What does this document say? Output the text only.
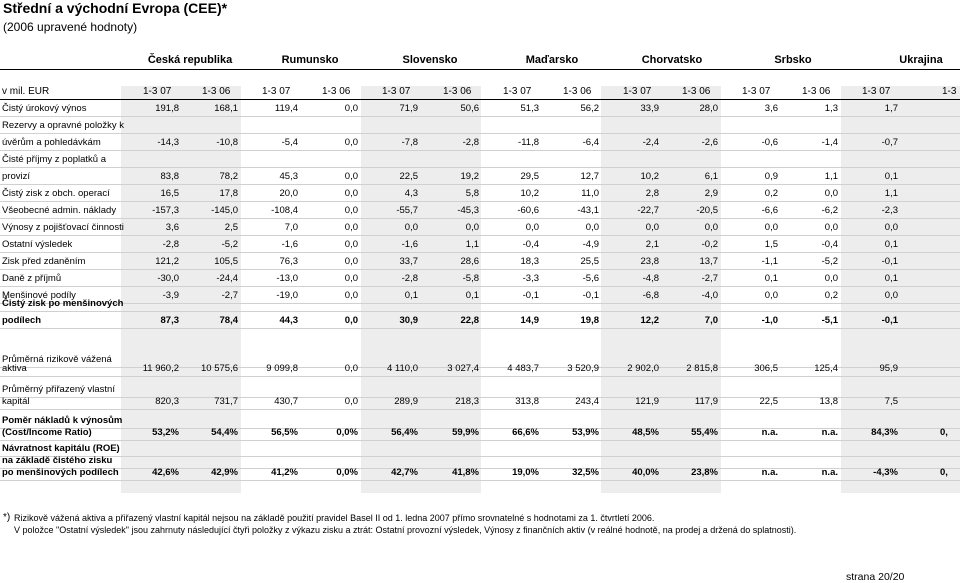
Střední a východní Evropa (CEE)*
(2006 upravené hodnoty)
Česká republika	Rumunsko	Slovensko	Maďarsko	Chorvatsko	Srbsko	Ukrajina
v mil. EUR	1-3 07	1-3 06	1-3 07	1-3 06	1-3 07	1-3 06	1-3 07	1-3 06	1-3 07	1-3 06	1-3 07	1-3 06	1-3 07	1-3
Čistý úrokový výnos	191,8	168,1	119,4	0,0	71,9	50,6	51,3	56,2	33,9	28,0	3,6	1,3	1,7
Rezervy a opravné položky k
úvěrům a pohledávkám	-14,3	-10,8	-5,4	0,0	-7,8	-2,8	-11,8	-6,4	-2,4	-2,6	-0,6	-1,4	-0,7
Čisté příjmy z poplatků a
provizí	83,8	78,2	45,3	0,0	22,5	19,2	29,5	12,7	10,2	6,1	0,9	1,1	0,1
Čistý zisk z obch. operací	16,5	17,8	20,0	0,0	4,3	5,8	10,2	11,0	2,8	2,9	0,2	0,0	1,1
Všeobecné admin. náklady	-157,3	-145,0	-108,4	0,0	-55,7	-45,3	-60,6	-43,1	-22,7	-20,5	-6,6	-6,2	-2,3
Výnosy z pojišťovací činnosti	3,6	2,5	7,0	0,0	0,0	0,0	0,0	0,0	0,0	0,0	0,0	0,0	0,0
Ostatní výsledek	-2,8	-5,2	-1,6	0,0	-1,6	1,1	-0,4	-4,9	2,1	-0,2	1,5	-0,4	0,1
Zisk před zdaněním	121,2	105,5	76,3	0,0	33,7	28,6	18,3	25,5	23,8	13,7	-1,1	-5,2	-0,1
Daně z příjmů	-30,0	-24,4	-13,0	0,0	-2,8	-5,8	-3,3	-5,6	-4,8	-2,7	0,1	0,0	0,1
Menšinové podíly	-3,9	-2,7	-19,0	0,0	0,1	0,1	-0,1	-0,1	-6,8	-4,0	0,0	0,2	0,0
Čistý zisk po menšinových
podílech	87,3	78,4	44,3	0,0	30,9	22,8	14,9	19,8	12,2	7,0	-1,0	-5,1	-0,1
Průměrná rizikově vážená
aktiva	11 960,2	10 575,6	9 099,8	0,0	4 110,0	3 027,4	4 483,7	3 520,9	2 902,0	2 815,8	306,5	125,4	95,9
Průměrný přiřazený vlastní
kapitál	820,3	731,7	430,7	0,0	289,9	218,3	313,8	243,4	121,9	117,9	22,5	13,8	7,5
Poměr nákladů k výnosům
(Cost/Income Ratio)	53,2%	54,4%	56,5%	0,0%	56,4%	59,9%	66,6%	53,9%	48,5%	55,4%	n.a.	n.a.	84,3%	0,
Návratnost kapitálu (ROE)
na základě čistého zisku
po menšinových podílech	42,6%	42,9%	41,2%	0,0%	42,7%	41,8%	19,0%	32,5%	40,0%	23,8%	n.a.	n.a.	-4,3%	0,
*) Rizikově vážená aktiva a přiřazený vlastní kapitál nejsou na základě použití pravidel Basel II od 1. ledna 2007 přímo srovnatelné s hodnotami za 1. čtvrtletí 2006.
V položce "Ostatní výsledek" jsou zahrnuty následující čtyři položky z výkazu zisku a ztrát: Ostatní provozní výsledek, Výnosy z finančních aktiv (v reálné hodnotě, na prodej a držená do splatnosti).
strana 20/20
